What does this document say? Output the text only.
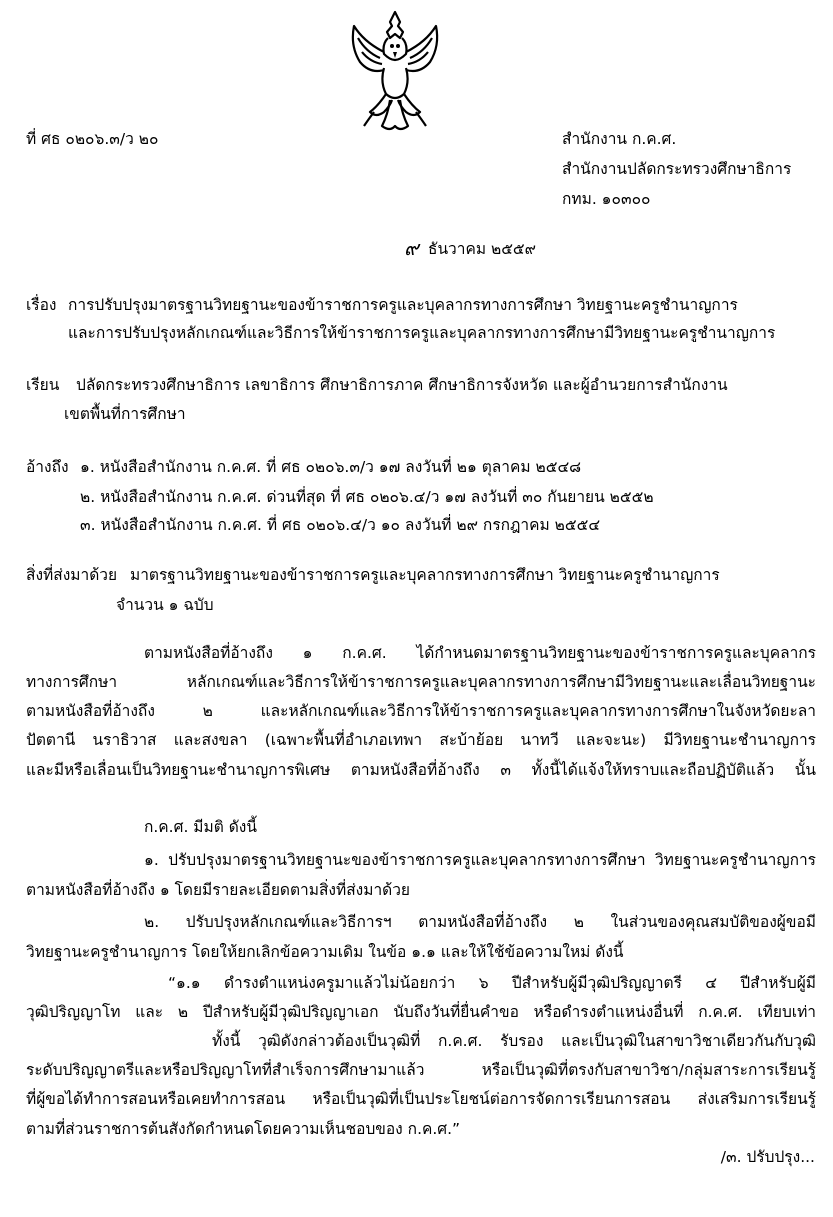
ที่ ศธ ๐๒๐๖.๓/ว ๒๐	สำนักงาน ก.ค.ศ.
สำนักงานปลัดกระทรวงศึกษาธิการ
กทม. ๑๐๓๐๐
๙ ธันวาคม ๒๕๕๙
เรื่อง การปรับปรุงมาตรฐานวิทยฐานะของข้าราชการครูและบุคลากรทางการศึกษา วิทยฐานะครูชำนาญการ
และการปรับปรุงหลักเกณฑ์และวิธีการให้ข้าราชการครูและบุคลากรทางการศึกษามีวิทยฐานะครูชำนาญการ
เรียน ปลัดกระทรวงศึกษาธิการ เลขาธิการ ศึกษาธิการภาค ศึกษาธิการจังหวัด และผู้อำนวยการสำนักงาน
เขตพื้นที่การศึกษา
อ้างถึง ๑. หนังสือสำนักงาน ก.ค.ศ. ที่ ศธ ๐๒๐๖.๓/ว ๑๗ ลงวันที่ ๒๑ ตุลาคม ๒๕๔๘
๒. หนังสือสำนักงาน ก.ค.ศ. ด่วนที่สุด ที่ ศธ ๐๒๐๖.๔/ว ๑๗ ลงวันที่ ๓๐ กันยายน ๒๕๕๒
๓. หนังสือสำนักงาน ก.ค.ศ. ที่ ศธ ๐๒๐๖.๔/ว ๑๐ ลงวันที่ ๒๙ กรกฎาคม ๒๕๕๔
สิ่งที่ส่งมาด้วย มาตรฐานวิทยฐานะของข้าราชการครูและบุคลากรทางการศึกษา วิทยฐานะครูชำนาญการ
จำนวน ๑ ฉบับ
ตามหนังสือที่อ้างถึง ๑ ก.ค.ศ. ได้กำหนดมาตรฐานวิทยฐานะของข้าราชการครูและบุคลากร
ทางการศึกษา หลักเกณฑ์และวิธีการให้ข้าราชการครูและบุคลากรทางการศึกษามีวิทยฐานะและเลื่อนวิทยฐานะ
ตามหนังสือที่อ้างถึง ๒ และหลักเกณฑ์และวิธีการให้ข้าราชการครูและบุคลากรทางการศึกษาในจังหวัดยะลา
ปัตตานี นราธิวาส และสงขลา (เฉพาะพื้นที่อำเภอเทพา สะบ้าย้อย นาทวี และจะนะ) มีวิทยฐานะชำนาญการ
และมีหรือเลื่อนเป็นวิทยฐานะชำนาญการพิเศษ ตามหนังสือที่อ้างถึง ๓ ทั้งนี้ได้แจ้งให้ทราบและถือปฏิบัติแล้ว นั้น
ก.ค.ศ. มีมติ ดังนี้
๑. ปรับปรุงมาตรฐานวิทยฐานะของข้าราชการครูและบุคลากรทางการศึกษา วิทยฐานะครูชำนาญการ
ตามหนังสือที่อ้างถึง ๑ โดยมีรายละเอียดตามสิ่งที่ส่งมาด้วย
๒. ปรับปรุงหลักเกณฑ์และวิธีการฯ ตามหนังสือที่อ้างถึง ๒ ในส่วนของคุณสมบัติของผู้ขอมี
วิทยฐานะครูชำนาญการ โดยให้ยกเลิกข้อความเดิม ในข้อ ๑.๑ และให้ใช้ข้อความใหม่ ดังนี้
“๑.๑ ดำรงตำแหน่งครูมาแล้วไม่น้อยกว่า ๖ ปีสำหรับผู้มีวุฒิปริญญาตรี ๔ ปีสำหรับผู้มี
วุฒิปริญญาโท และ ๒ ปีสำหรับผู้มีวุฒิปริญญาเอก นับถึงวันที่ยื่นคำขอ หรือดำรงตำแหน่งอื่นที่ ก.ค.ศ. เทียบเท่า
ทั้งนี้ วุฒิดังกล่าวต้องเป็นวุฒิที่ ก.ค.ศ. รับรอง และเป็นวุฒิในสาขาวิชาเดียวกันกับวุฒิ
ระดับปริญญาตรีและหรือปริญญาโทที่สำเร็จการศึกษามาแล้ว หรือเป็นวุฒิที่ตรงกับสาขาวิชา/กลุ่มสาระการเรียนรู้
ที่ผู้ขอได้ทำการสอนหรือเคยทำการสอน หรือเป็นวุฒิที่เป็นประโยชน์ต่อการจัดการเรียนการสอน ส่งเสริมการเรียนรู้
ตามที่ส่วนราชการต้นสังกัดกำหนดโดยความเห็นชอบของ ก.ค.ศ.”
/๓. ปรับปรุง...
